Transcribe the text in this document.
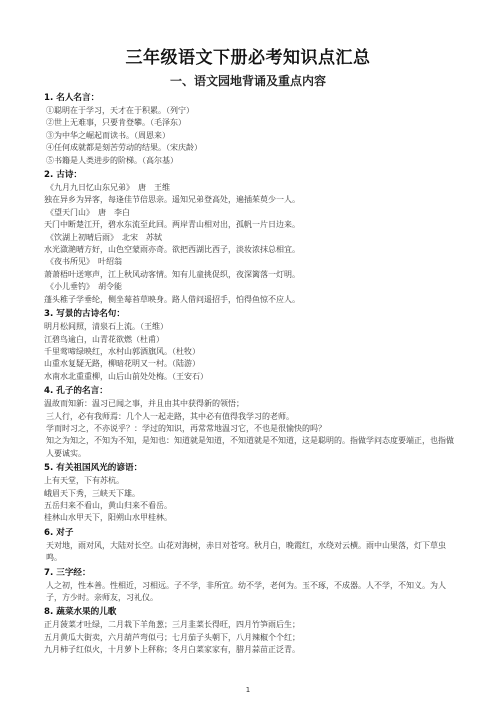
三年级语文下册必考知识点汇总
一、语文园地背诵及重点内容
1. 名人名言：
①聪明在于学习，天才在于积累。（列宁）
②世上无难事，只要肯登攀。（毛泽东）
③为中华之崛起而读书。（周恩来）
④任何成就都是刻苦劳动的结果。（宋庆龄）
⑤书籍是人类进步的阶梯。（高尔基）
2. 古诗：
《九月九日忆山东兄弟》　唐　王维
独在异乡为异客，每逢佳节倍思亲。遥知兄弟登高处，遍插茱萸少一人。
《望天门山》　唐　李白
天门中断楚江开，碧水东流至此回。两岸青山相对出，孤帆一片日边来。
《饮湖上初晴后雨》　北宋　苏轼
水光潋滟晴方好，山色空蒙雨亦奇。欲把西湖比西子，淡妆浓抹总相宜。
《夜书所见》　叶绍翁
萧萧梧叶送寒声，江上秋风动客情。知有儿童挑促织，夜深篱落一灯明。
《小儿垂钓》　胡令能
蓬头稚子学垂纶，侧坐莓苔草映身。路人借问遥招手，怕得鱼惊不应人。
3. 写景的古诗名句：
明月松间照，清泉石上流。（王维）
江碧鸟逾白，山青花欲燃（杜甫）
千里莺啼绿映红，水村山郭酒旗风。（杜牧）
山重水复疑无路，柳暗花明又一村。（陆游）
水南水北重重柳，山后山前处处梅。（王安石）
4. 孔子的名言：
温故而知新：温习已闻之事，并且由其中获得新的领悟；
三人行，必有我师焉：几个人一起走路，其中必有值得我学习的老师。
学而时习之，不亦说乎？：学过的知识，再常常地温习它，不也是很愉快的吗？
知之为知之，不知为不知，是知也：知道就是知道，不知道就是不知道，这是聪明的。指做学问态度要端正，也指做人要诚实。
5. 有关祖国风光的谚语：
上有天堂，下有苏杭。
峨眉天下秀，三峡天下雄。
五岳归来不看山，黄山归来不看岳。
桂林山水甲天下，阳朔山水甲桂林。
6. 对子
天对地，雨对风，大陆对长空。山花对海树，赤日对苍穹。秋月白，晚霞红，水绕对云横。雨中山果落，灯下草虫鸣。
7. 三字经：
人之初，性本善。性相近，习相远。子不学，非所宜。幼不学，老何为。玉不琢，不成器。人不学，不知义。为人子，方少时。亲师友，习礼仪。
8. 蔬菜水果的儿歌
正月菠菜才吐绿，二月栽下羊角葱；三月韭菜长得旺，四月竹笋雨后生；
五月黄瓜大街卖，六月葫芦弯似弓；七月茄子头朝下，八月辣椒个个红；
九月柿子红似火，十月萝卜上秤称；冬月白菜家家有，腊月蒜苗正泛青。
1
